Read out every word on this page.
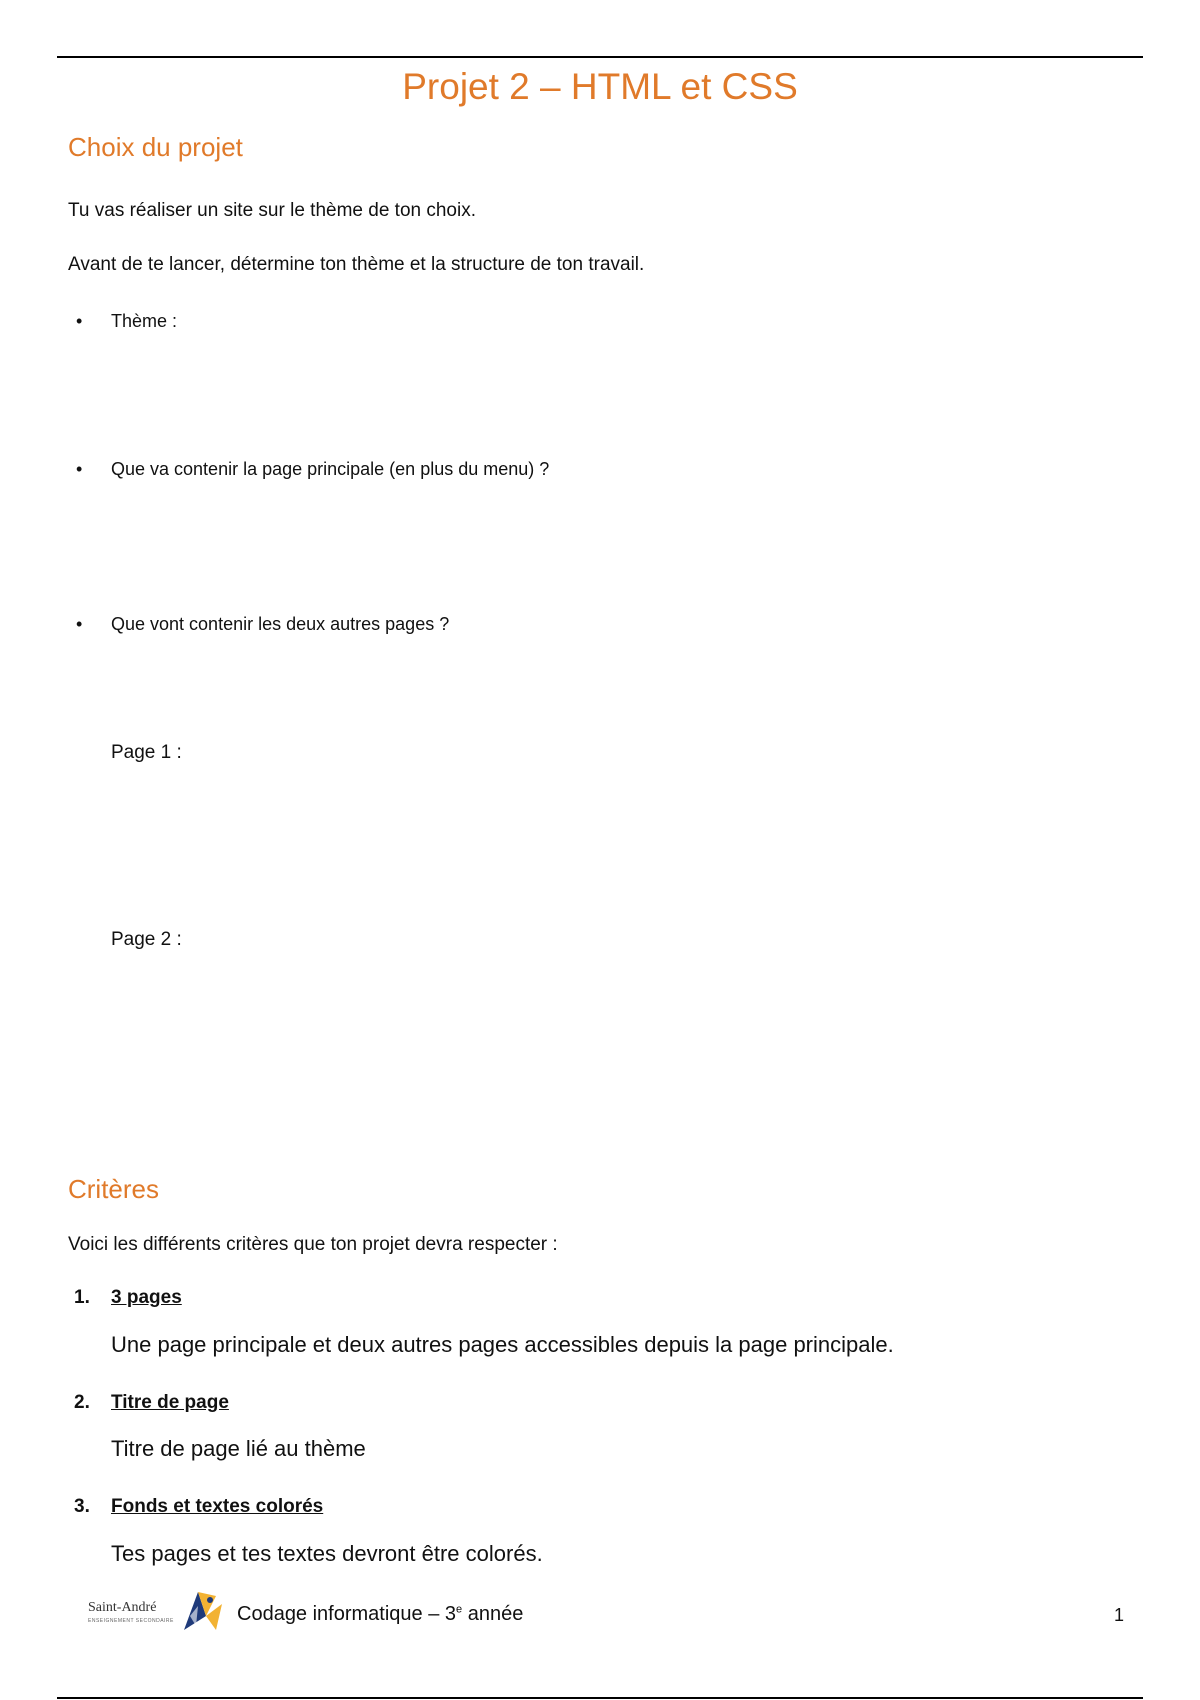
Projet 2 – HTML et CSS
Choix du projet
Tu vas réaliser un site sur le thème de ton choix.
Avant de te lancer, détermine ton thème et la structure de ton travail.
• Thème :
• Que va contenir la page principale (en plus du menu) ?
• Que vont contenir les deux autres pages ?
Page 1 :
Page 2 :
Critères
Voici les différents critères que ton projet devra respecter :
1. 3 pages
Une page principale et deux autres pages accessibles depuis la page principale.
2. Titre de page
Titre de page lié au thème
3. Fonds et textes colorés
Tes pages et tes textes devront être colorés.
Saint-André
ENSEIGNEMENT SECONDAIRE	Codage informatique – 3e année	1
